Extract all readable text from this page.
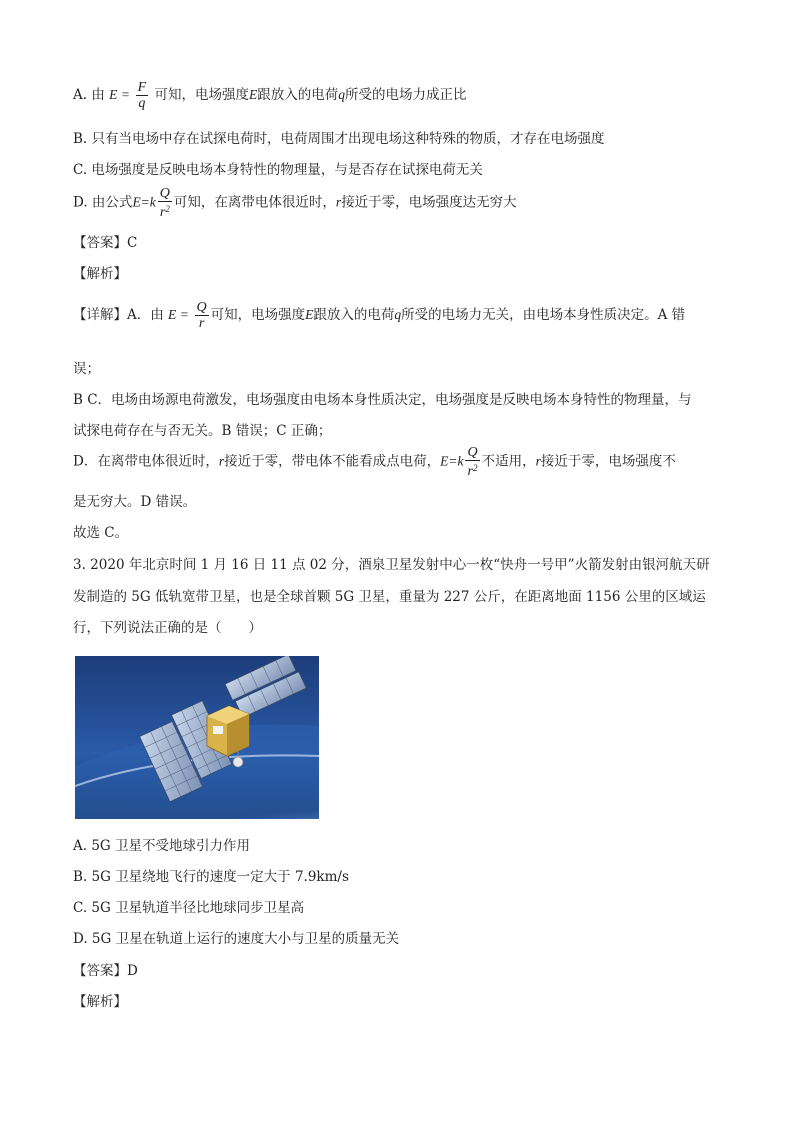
A. 由 $E = \frac{F}{q}$ 可知，电场强度E跟放入的电荷q所受的电场力成正比
B. 只有当电场中存在试探电荷时，电荷周围才出现电场这种特殊的物质，才存在电场强度
C. 电场强度是反映电场本身特性的物理量，与是否存在试探电荷无关
D. 由公式$E=k \frac{Q}{r^2}$ 可知，在离带电体很近时，r接近于零，电场强度达无穷大
【答案】C
【解析】
【详解】A．由 $E = \frac{Q}{r}$ 可知，电场强度E跟放入的电荷q所受的电场力无关，由电场本身性质决定。A 错
误；
B C．电场由场源电荷激发，电场强度由电场本身性质决定，电场强度是反映电场本身特性的物理量，与
试探电荷存在与否无关。B 错误；C 正确；
D．在离带电体很近时，r接近于零，带电体不能看成点电荷，$E=k \frac{Q}{r^2}$ 不适用，r接近于零，电场强度不
是无穷大。D 错误。
故选 C。
3. 2020 年北京时间 1 月 16 日 11 点 02 分，酒泉卫星发射中心一枚“快舟一号甲”火箭发射由银河航天研
发制造的 5G 低轨宽带卫星，也是全球首颗 5G 卫星，重量为 227 公斤，在距离地面 1156 公里的区域运
行，下列说法正确的是（　　）
A. 5G 卫星不受地球引力作用
B. 5G 卫星绕地飞行的速度一定大于 7.9km/s
C. 5G 卫星轨道半径比地球同步卫星高
D. 5G 卫星在轨道上运行的速度大小与卫星的质量无关
【答案】D
【解析】
